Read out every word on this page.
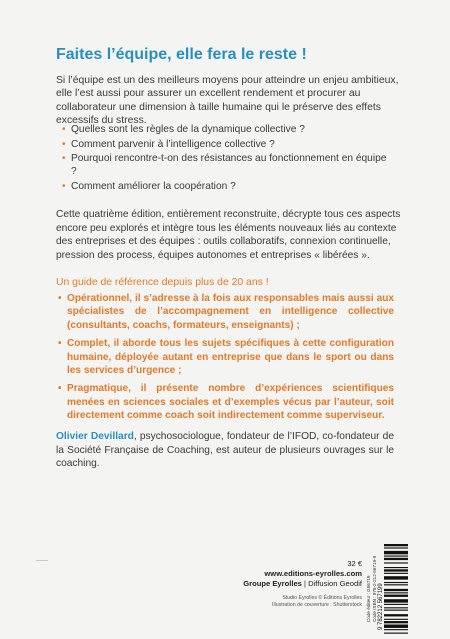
Faites l’équipe, elle fera le reste !

Si l’équipe est un des meilleurs moyens pour atteindre un enjeu ambitieux, elle l’est aussi pour assurer un excellent rendement et procurer au collaborateur une dimension à taille humaine qui le préserve des effets excessifs du stress.

• Quelles sont les règles de la dynamique collective ?
• Comment parvenir à l’intelligence collective ?
• Pourquoi rencontre-t-on des résistances au fonctionnement en équipe ?
• Comment améliorer la coopération ?

Cette quatrième édition, entièrement reconstruite, décrypte tous ces aspects encore peu explorés et intègre tous les éléments nouveaux liés au contexte des entreprises et des équipes : outils collaboratifs, connexion continuelle, pression des process, équipes autonomes et entreprises « libérées ».

Un guide de référence depuis plus de 20 ans !

• Opérationnel, il s’adresse à la fois aux responsables mais aussi aux spécialistes de l’accompagnement en intelligence collective (consultants, coachs, formateurs, enseignants) ;
• Complet, il aborde tous les sujets spécifiques à cette configuration humaine, déployée autant en entreprise que dans le sport ou dans les services d’urgence ;
• Pragmatique, il présente nombre d’expériences scientifiques menées en sciences sociales et d’exemples vécus par l’auteur, soit directement comme coach soit indirectement comme superviseur.

Olivier Devillard, psychosociologue, fondateur de l’IFOD, co-fondateur de la Société Française de Coaching, est auteur de plusieurs ouvrages sur le coaching.

32 €
www.editions-eyrolles.com
Groupe Eyrolles | Diffusion Geodif
Studio Eyrolles © Éditions Eyrolles
Illustration de couverture : Shutterstock Code éditeur : G56719 Code ISBN : 978-2-212-56719-9 9 782212 567199
